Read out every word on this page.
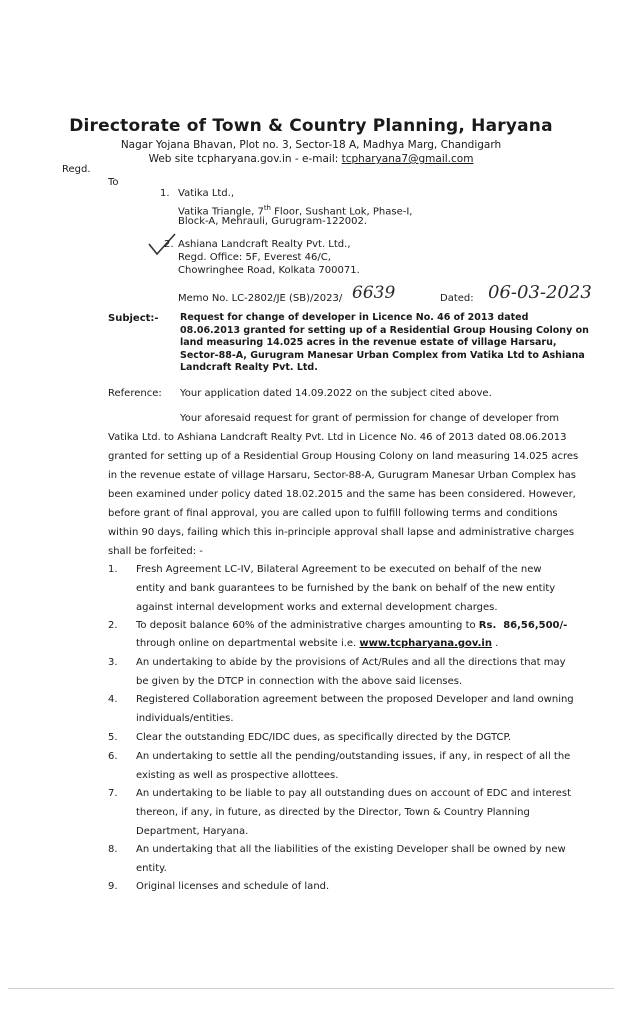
Directorate of Town & Country Planning, Haryana
Nagar Yojana Bhavan, Plot no. 3, Sector-18 A, Madhya Marg, Chandigarh
Web site tcpharyana.gov.in - e-mail: tcpharyana7@gmail.com
Regd.
To
1. Vatika Ltd.,
Vatika Triangle, 7th Floor, Sushant Lok, Phase-I,
Block-A, Mehrauli, Gurugram-122002.
2. Ashiana Landcraft Realty Pvt. Ltd.,
Regd. Office: 5F, Everest 46/C,
Chowringhee Road, Kolkata 700071.
Memo No. LC-2802/JE (SB)/2023/ 6639	Dated: 06-03-2023
Subject:- Request for change of developer in Licence No. 46 of 2013 dated
08.06.2013 granted for setting up of a Residential Group Housing Colony on
land measuring 14.025 acres in the revenue estate of village Harsaru,
Sector-88-A, Gurugram Manesar Urban Complex from Vatika Ltd to Ashiana
Landcraft Realty Pvt. Ltd.
Reference: Your application dated 14.09.2022 on the subject cited above.
Your aforesaid request for grant of permission for change of developer from
Vatika Ltd. to Ashiana Landcraft Realty Pvt. Ltd in Licence No. 46 of 2013 dated 08.06.2013
granted for setting up of a Residential Group Housing Colony on land measuring 14.025 acres
in the revenue estate of village Harsaru, Sector-88-A, Gurugram Manesar Urban Complex has
been examined under policy dated 18.02.2015 and the same has been considered. However,
before grant of final approval, you are called upon to fulfill following terms and conditions
within 90 days, failing which this in-principle approval shall lapse and administrative charges
shall be forfeited: -
1. Fresh Agreement LC-IV, Bilateral Agreement to be executed on behalf of the new
entity and bank guarantees to be furnished by the bank on behalf of the new entity
against internal development works and external development charges.
2. To deposit balance 60% of the administrative charges amounting to Rs.  86,56,500/-
through online on departmental website i.e. www.tcpharyana.gov.in .
3. An undertaking to abide by the provisions of Act/Rules and all the directions that may
be given by the DTCP in connection with the above said licenses.
4. Registered Collaboration agreement between the proposed Developer and land owning
individuals/entities.
5. Clear the outstanding EDC/IDC dues, as specifically directed by the DGTCP.
6. An undertaking to settle all the pending/outstanding issues, if any, in respect of all the
existing as well as prospective allottees.
7. An undertaking to be liable to pay all outstanding dues on account of EDC and interest
thereon, if any, in future, as directed by the Director, Town & Country Planning
Department, Haryana.
8. An undertaking that all the liabilities of the existing Developer shall be owned by new
entity.
9. Original licenses and schedule of land.
